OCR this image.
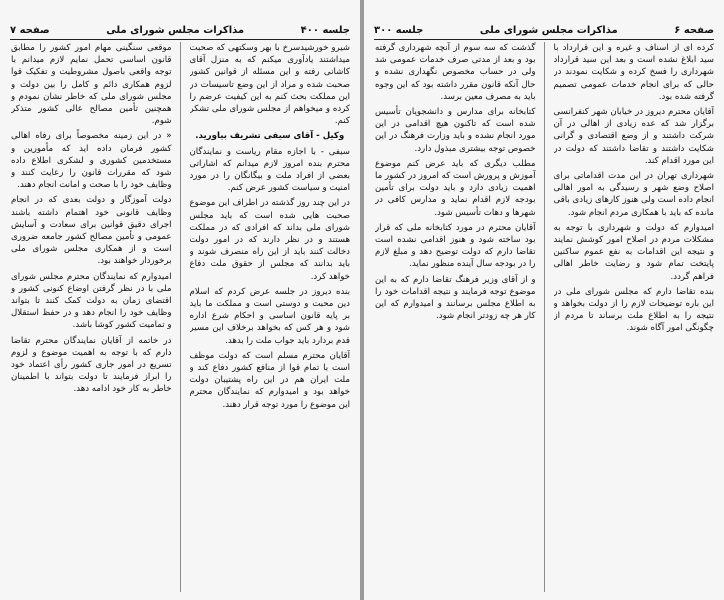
جلسه ۴۰۰
مذاکرات مجلس شورای ملی
صفحه ۷

شیرو خورشیدسرخ با بهر وسکتهی که صحبت میداشتند یادآوری میکنم که به منزل آقای کاشانی رفته و این مسئله از قوانین کشور صحبت شده و مراد از این وضع تاسیسات در این مملکت بحث کنم به این کیفیت عرضم را کرده و میخواهم از مجلس شورای ملی تشکر کنم.

وکیل - آقای سیفی تشریف بیاورید.

سیفی - با اجازه مقام ریاست و نمایندگان محترم بنده امروز لازم میدانم که اشاراتی بعضی از افراد ملت و بیگانگان را در مورد امنیت و سیاست کشور عرض کنم.

در این چند روز گذشته در اطراف این موضوع صحبت هایی شده است که باید مجلس شورای ملی بداند که افرادی که در مملکت هستند و در نظر دارند که در امور دولت دخالت کنند باید از این راه منصرف شوند و باید بدانند که مجلس از حقوق ملت دفاع خواهد کرد.

بنده دیروز در جلسه عرض کردم که اسلام دین محبت و دوستی است و مملکت ما باید بر پایه قانون اساسی و احکام شرع اداره شود و هر کس که بخواهد برخلاف این مسیر قدم بردارد باید جواب ملت را بدهد.

آقایان محترم مسلم است که دولت موظف است با تمام قوا از منافع کشور دفاع کند و ملت ایران هم در این راه پشتیبان دولت خواهد بود و امیدوارم که نمایندگان محترم این موضوع را مورد توجه قرار دهند.

موقعی سنگینی مهام امور کشور را مطابق قانون اساسی تحمل نمایم لازم میدانم با توجه واقعی باصول مشروطیت و تفکیک قوا لزوم همکاری دائم و کامل را بین دولت و مجلس شورای ملی که خاطر نشان نمودم و همچنین تأمین مصالح عالی کشور متذکر شوم.

« در این زمینه مخصوصاً برای رفاه اهالی کشور فرمان داده اید که مأمورین و مستخدمین کشوری و لشکری اطلاع داده شود که مقررات قانون را رعایت کنند و وظایف خود را با صحت و امانت انجام دهند.

دولت آموزگار و دولت بعدی که در انجام وظایف قانونی خود اهتمام داشته باشند اجرای دقیق قوانین برای سعادت و آسایش عمومی و تأمین مصالح کشور جامعه ضروری است و از همکاری مجلس شورای ملی برخوردار خواهند بود.

امیدوارم که نمایندگان محترم مجلس شورای ملی با در نظر گرفتن اوضاع کنونی کشور و اقتضای زمان به دولت کمک کنند تا بتواند وظایف خود را انجام دهد و در حفظ استقلال و تمامیت کشور کوشا باشد.

در خاتمه از آقایان نمایندگان محترم تقاضا دارم که با توجه به اهمیت موضوع و لزوم تسریع در امور جاری کشور رأی اعتماد خود را ابراز فرمایند تا دولت بتواند با اطمینان خاطر به کار خود ادامه دهد.

صفحه ۶
مذاکرات مجلس شورای ملی
جلسه ۳۰۰

کرده ای از اسناف و غیره و این قرارداد با سید ابلاغ نشده است و بعد این سید قرارداد شهرداری را فسخ کرده و شکایت نمودند در حالی که برای انجام خدمات عمومی تصمیم گرفته شده بود.

آقایان محترم دیروز در خیابان شهر کنفرانسی برگزار شد که عده زیادی از اهالی در آن شرکت داشتند و از وضع اقتصادی و گرانی شکایت داشتند و تقاضا داشتند که دولت در این مورد اقدام کند.

شهرداری تهران در این مدت اقداماتی برای اصلاح وضع شهر و رسیدگی به امور اهالی انجام داده است ولی هنوز کارهای زیادی باقی مانده که باید با همکاری مردم انجام شود.

امیدوارم که دولت و شهرداری با توجه به مشکلات مردم در اصلاح امور کوشش نمایند و نتیجه این اقدامات به نفع عموم ساکنین پایتخت تمام شود و رضایت خاطر اهالی فراهم گردد.

بنده تقاضا دارم که مجلس شورای ملی در این باره توضیحات لازم را از دولت بخواهد و نتیجه را به اطلاع ملت برساند تا مردم از چگونگی امور آگاه شوند.

گذشت که سه سوم از آنچه شهرداری گرفته بود و بعد از مدتی صرف خدمات عمومی شد ولی در حساب مخصوص نگهداری نشده و حال آنکه قانون مقرر داشته بود که این وجوه باید به مصرف معین برسد.

کتابخانه برای مدارس و دانشجویان تأسیس شده است که تاکنون هیچ اقدامی در این مورد انجام نشده و باید وزارت فرهنگ در این خصوص توجه بیشتری مبذول دارد.

مطلب دیگری که باید عرض کنم موضوع آموزش و پرورش است که امروز در کشور ما اهمیت زیادی دارد و باید دولت برای تأمین بودجه لازم اقدام نماید و مدارس کافی در شهرها و دهات تأسیس شود.

آقایان محترم در مورد کتابخانه ملی که قرار بود ساخته شود و هنوز اقدامی نشده است تقاضا دارم که دولت توضیح دهد و مبلغ لازم را در بودجه سال آینده منظور نماید.

و از آقای وزیر فرهنگ تقاضا دارم که به این موضوع توجه فرمایند و نتیجه اقدامات خود را به اطلاع مجلس برسانند و امیدوارم که این کار هر چه زودتر انجام شود.
